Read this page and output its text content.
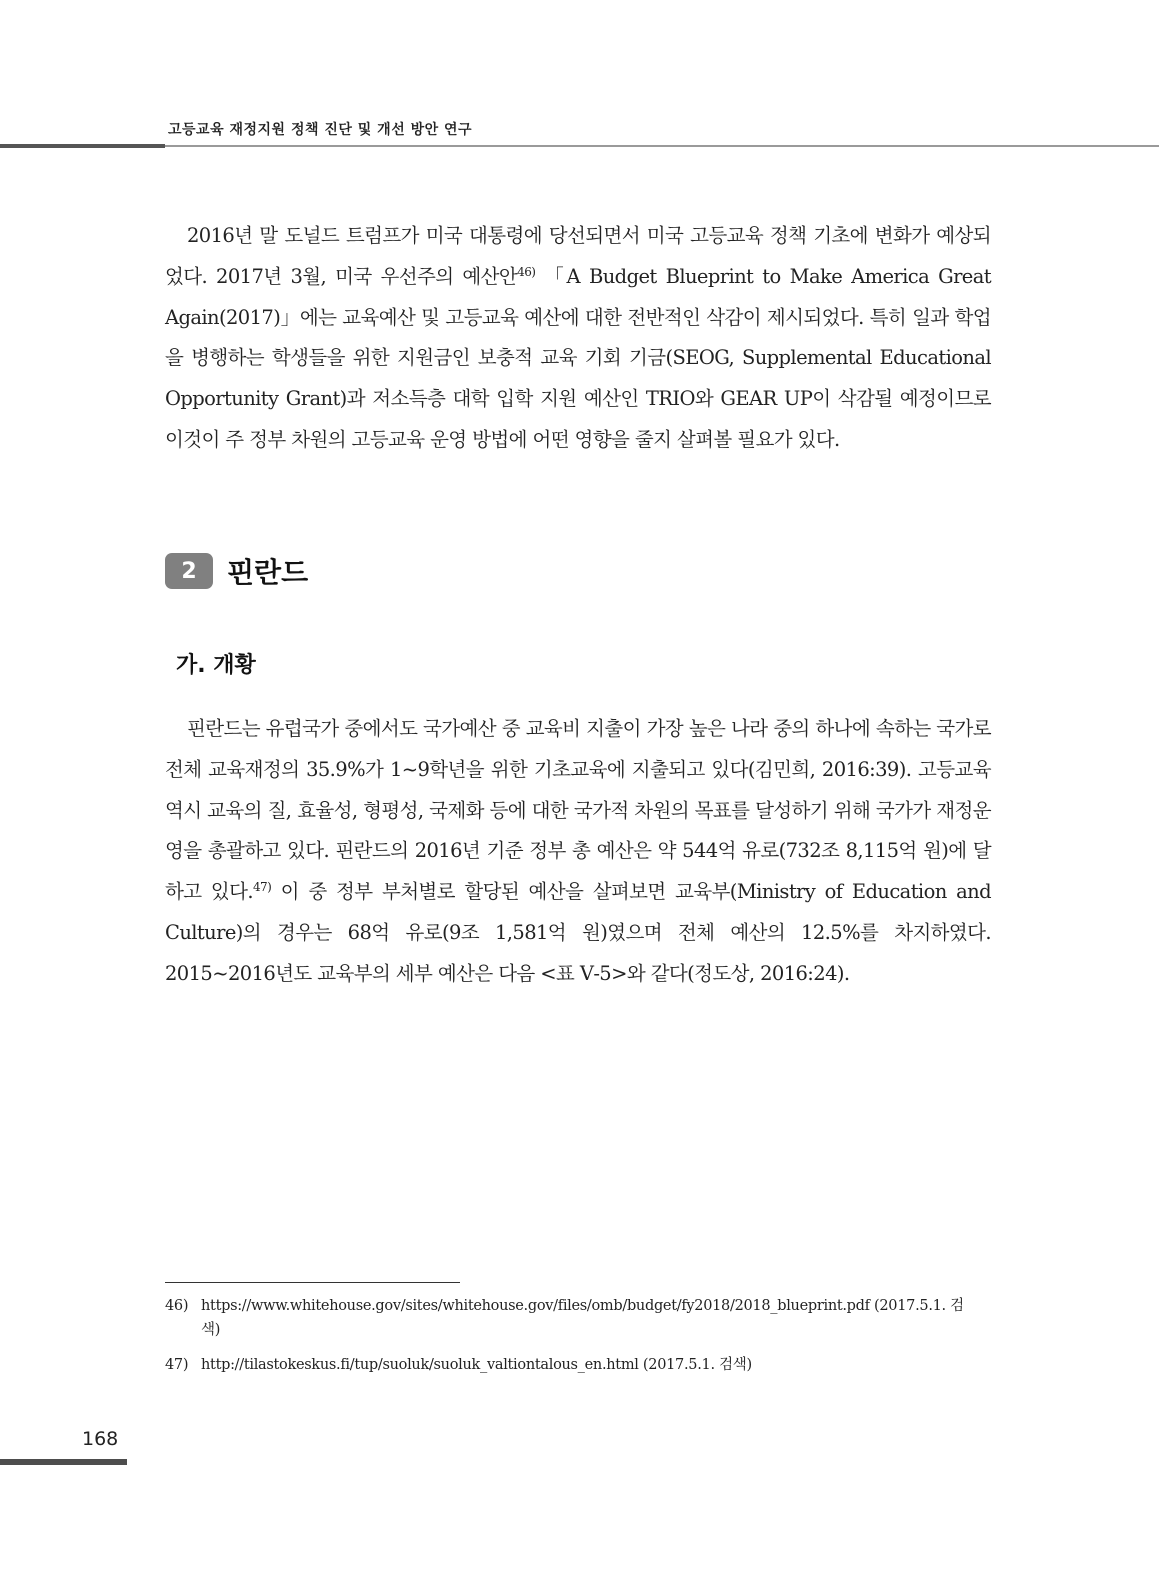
고등교육 재정지원 정책 진단 및 개선 방안 연구

2016년 말 도널드 트럼프가 미국 대통령에 당선되면서 미국 고등교육 정책 기초에 변화가 예상되었다. 2017년 3월, 미국 우선주의 예산안$^{46)}$ 「A Budget Blueprint to Make America Great Again(2017)」에는 교육예산 및 고등교육 예산에 대한 전반적인 삭감이 제시되었다. 특히 일과 학업을 병행하는 학생들을 위한 지원금인 보충적 교육 기회 기금(SEOG, Supplemental Educational Opportunity Grant)과 저소득층 대학 입학 지원 예산인 TRIO와 GEAR UP이 삭감될 예정이므로 이것이 주 정부 차원의 고등교육 운영 방법에 어떤 영향을 줄지 살펴볼 필요가 있다.

2	핀란드
가. 개황

핀란드는 유럽국가 중에서도 국가예산 중 교육비 지출이 가장 높은 나라 중의 하나에 속하는 국가로 전체 교육재정의 35.9%가 1~9학년을 위한 기초교육에 지출되고 있다(김민희, 2016:39). 고등교육 역시 교육의 질, 효율성, 형평성, 국제화 등에 대한 국가적 차원의 목표를 달성하기 위해 국가가 재정운영을 총괄하고 있다. 핀란드의 2016년 기준 정부 총 예산은 약 544억 유로(732조 8,115억 원)에 달하고 있다.$^{47)}$ 이 중 정부 부처별로 할당된 예산을 살펴보면 교육부(Ministry of Education and Culture)의 경우는 68억 유로(9조 1,581억 원)였으며 전체 예산의 12.5%를 차지하였다. 2015~2016년도 교육부의 세부 예산은 다음 <표 Ⅴ-5>와 같다(정도상, 2016:24).

46) https://www.whitehouse.gov/sites/whitehouse.gov/files/omb/budget/fy2018/2018_blueprint.pdf (2017.5.1. 검색)
47) http://tilastokeskus.fi/tup/suoluk/suoluk_valtiontalous_en.html (2017.5.1. 검색)
168
